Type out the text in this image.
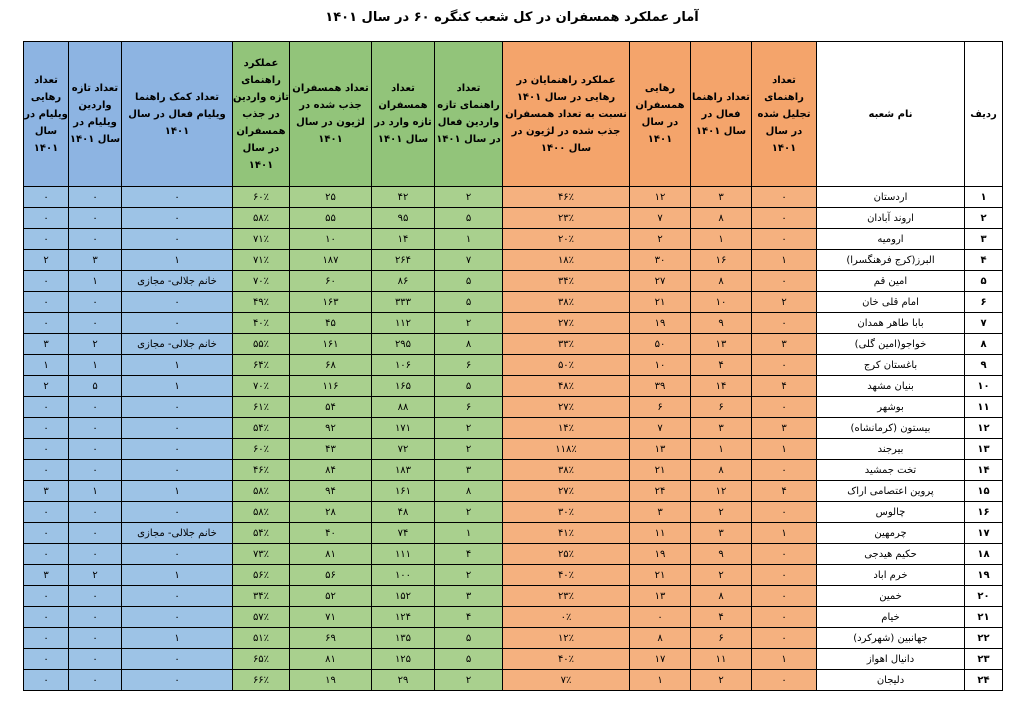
آمار عملکرد همسفران در کل شعب کنگره ۶۰ در سال ۱۴۰۱
ردیف	نام شعبه	تعداد راهنمای تجلیل شده در سال ۱۴۰۱	تعداد راهنما فعال در سال ۱۴۰۱	رهایی همسفران در سال ۱۴۰۱	عملکرد راهنمایان در رهایی در سال ۱۴۰۱ نسبت به تعداد همسفران جذب شده در لژیون در سال ۱۴۰۰	تعداد راهنمای تازه واردین فعال در سال ۱۴۰۱	تعداد همسفران تازه وارد در سال ۱۴۰۱	تعداد همسفران جذب شده در لژیون در سال ۱۴۰۱	عملکرد راهنمای تازه واردین در جذب همسفران در سال ۱۴۰۱	تعداد کمک راهنما ویلیام فعال در سال ۱۴۰۱	تعداد تازه واردین ویلیام در سال ۱۴۰۱	تعداد رهایی ویلیام در سال ۱۴۰۱
۱	اردستان	۰	۳	۱۲	۴۶٪	۲	۴۲	۲۵	۶۰٪	۰	۰	۰
۲	اروند آبادان	۰	۸	۷	۲۳٪	۵	۹۵	۵۵	۵۸٪	۰	۰	۰
۳	ارومیه	۰	۱	۲	۲۰٪	۱	۱۴	۱۰	۷۱٪	۰	۰	۰
۴	البرز(کرج فرهنگسرا)	۱	۱۶	۳۰	۱۸٪	۷	۲۶۴	۱۸۷	۷۱٪	۱	۳	۲
۵	امین قم	۰	۸	۲۷	۳۴٪	۵	۸۶	۶۰	۷۰٪	خانم جلالی- مجازی	۱	۰
۶	امام قلی خان	۲	۱۰	۲۱	۳۸٪	۵	۳۳۳	۱۶۳	۴۹٪	۰	۰	۰
۷	بابا طاهر همدان	۰	۹	۱۹	۲۷٪	۲	۱۱۲	۴۵	۴۰٪	۰	۰	۰
۸	خواجو(امین گلی)	۳	۱۳	۵۰	۳۳٪	۸	۲۹۵	۱۶۱	۵۵٪	خانم جلالی- مجازی	۲	۳
۹	باغستان کرج	۰	۴	۱۰	۵۰٪	۶	۱۰۶	۶۸	۶۴٪	۱	۱	۱
۱۰	بنیان مشهد	۴	۱۴	۳۹	۴۸٪	۵	۱۶۵	۱۱۶	۷۰٪	۱	۵	۲
۱۱	بوشهر	۰	۶	۶	۲۷٪	۶	۸۸	۵۴	۶۱٪	۰	۰	۰
۱۲	بیستون (کرمانشاه)	۳	۳	۷	۱۴٪	۲	۱۷۱	۹۲	۵۴٪	۰	۰	۰
۱۳	بیرجند	۱	۱	۱۳	۱۱۸٪	۲	۷۲	۴۳	۶۰٪	۰	۰	۰
۱۴	تخت جمشید	۰	۸	۲۱	۳۸٪	۳	۱۸۳	۸۴	۴۶٪	۰	۰	۰
۱۵	پروین اعتصامی اراک	۴	۱۲	۲۴	۲۷٪	۸	۱۶۱	۹۴	۵۸٪	۱	۱	۳
۱۶	چالوس	۰	۲	۳	۳۰٪	۲	۴۸	۲۸	۵۸٪	۰	۰	۰
۱۷	چرمهین	۱	۳	۱۱	۴۱٪	۱	۷۴	۴۰	۵۴٪	خانم جلالی- مجازی	۰	۰
۱۸	حکیم هیدجی	۰	۹	۱۹	۲۵٪	۴	۱۱۱	۸۱	۷۳٪	۰	۰	۰
۱۹	خرم اباد	۰	۲	۲۱	۴۰٪	۲	۱۰۰	۵۶	۵۶٪	۱	۲	۳
۲۰	خمین	۰	۸	۱۳	۲۳٪	۳	۱۵۲	۵۲	۳۴٪	۰	۰	۰
۲۱	خیام	۰	۴	۰	۰٪	۴	۱۲۴	۷۱	۵۷٪	۰	۰	۰
۲۲	جهانبین (شهرکرد)	۰	۶	۸	۱۲٪	۵	۱۳۵	۶۹	۵۱٪	۱	۰	۰
۲۳	دانیال اهواز	۱	۱۱	۱۷	۴۰٪	۵	۱۲۵	۸۱	۶۵٪	۰	۰	۰
۲۴	دلیجان	۰	۲	۱	۷٪	۲	۲۹	۱۹	۶۶٪	۰	۰	۰
